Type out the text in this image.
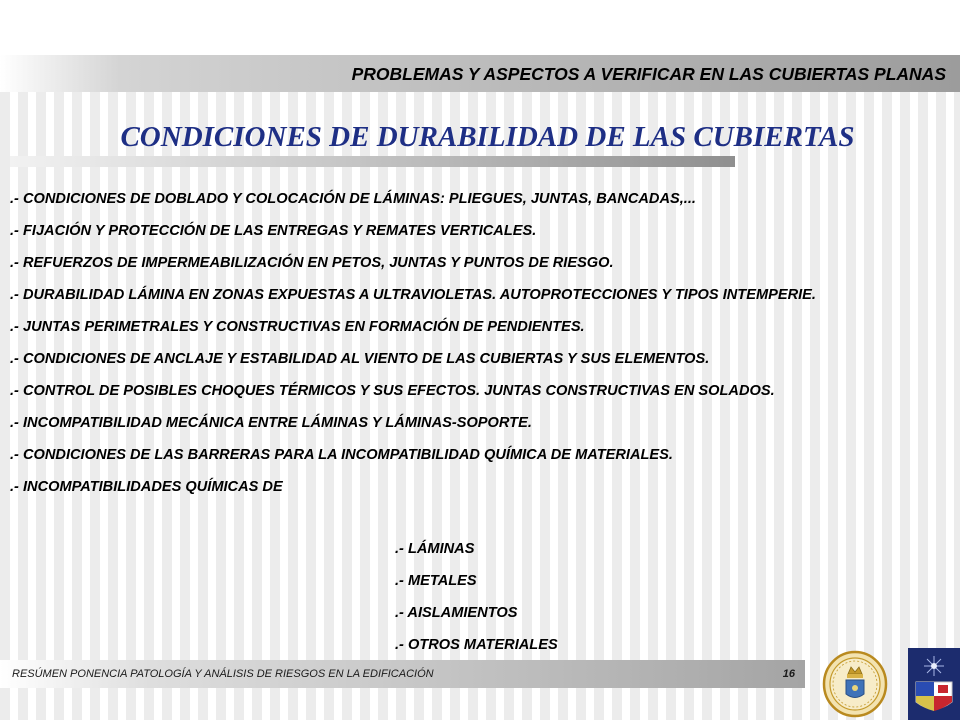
PROBLEMAS Y ASPECTOS A VERIFICAR EN LAS CUBIERTAS PLANAS
CONDICIONES DE DURABILIDAD DE LAS CUBIERTAS

.- CONDICIONES DE DOBLADO Y COLOCACIÓN DE LÁMINAS: PLIEGUES, JUNTAS, BANCADAS,...

.- FIJACIÓN Y PROTECCIÓN DE LAS ENTREGAS Y REMATES VERTICALES.

.- REFUERZOS DE IMPERMEABILIZACIÓN EN PETOS, JUNTAS Y PUNTOS DE RIESGO.

.- DURABILIDAD LÁMINA EN ZONAS EXPUESTAS A ULTRAVIOLETAS. AUTOPROTECCIONES Y TIPOS INTEMPERIE.

.- JUNTAS PERIMETRALES Y CONSTRUCTIVAS EN FORMACIÓN DE PENDIENTES.

.- CONDICIONES DE ANCLAJE Y ESTABILIDAD AL VIENTO DE LAS CUBIERTAS Y SUS ELEMENTOS.

.- CONTROL DE POSIBLES CHOQUES TÉRMICOS Y SUS EFECTOS. JUNTAS CONSTRUCTIVAS EN SOLADOS.

.- INCOMPATIBILIDAD MECÁNICA ENTRE LÁMINAS Y LÁMINAS-SOPORTE.

.- CONDICIONES DE LAS BARRERAS PARA LA INCOMPATIBILIDAD QUÍMICA DE MATERIALES.

.- INCOMPATIBILIDADES QUÍMICAS DE

.- LÁMINAS
.- METALES
.- AISLAMIENTOS
.- OTROS MATERIALES
RESÚMEN PONENCIA PATOLOGÍA Y ANÁLISIS DE RIESGOS EN LA EDIFICACIÓN	16
